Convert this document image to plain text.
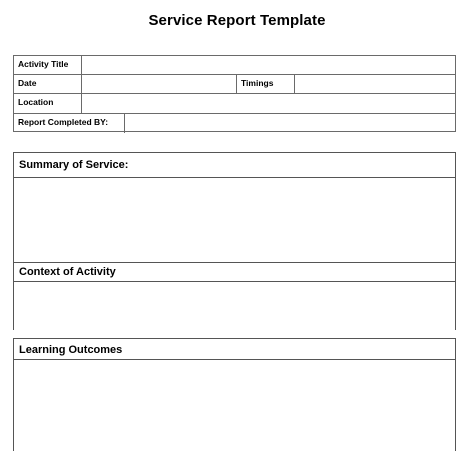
Service Report Template
Activity Title
Date	Timings
Location
Report Completed BY:
Summary of Service:
Context of Activity
Learning Outcomes
